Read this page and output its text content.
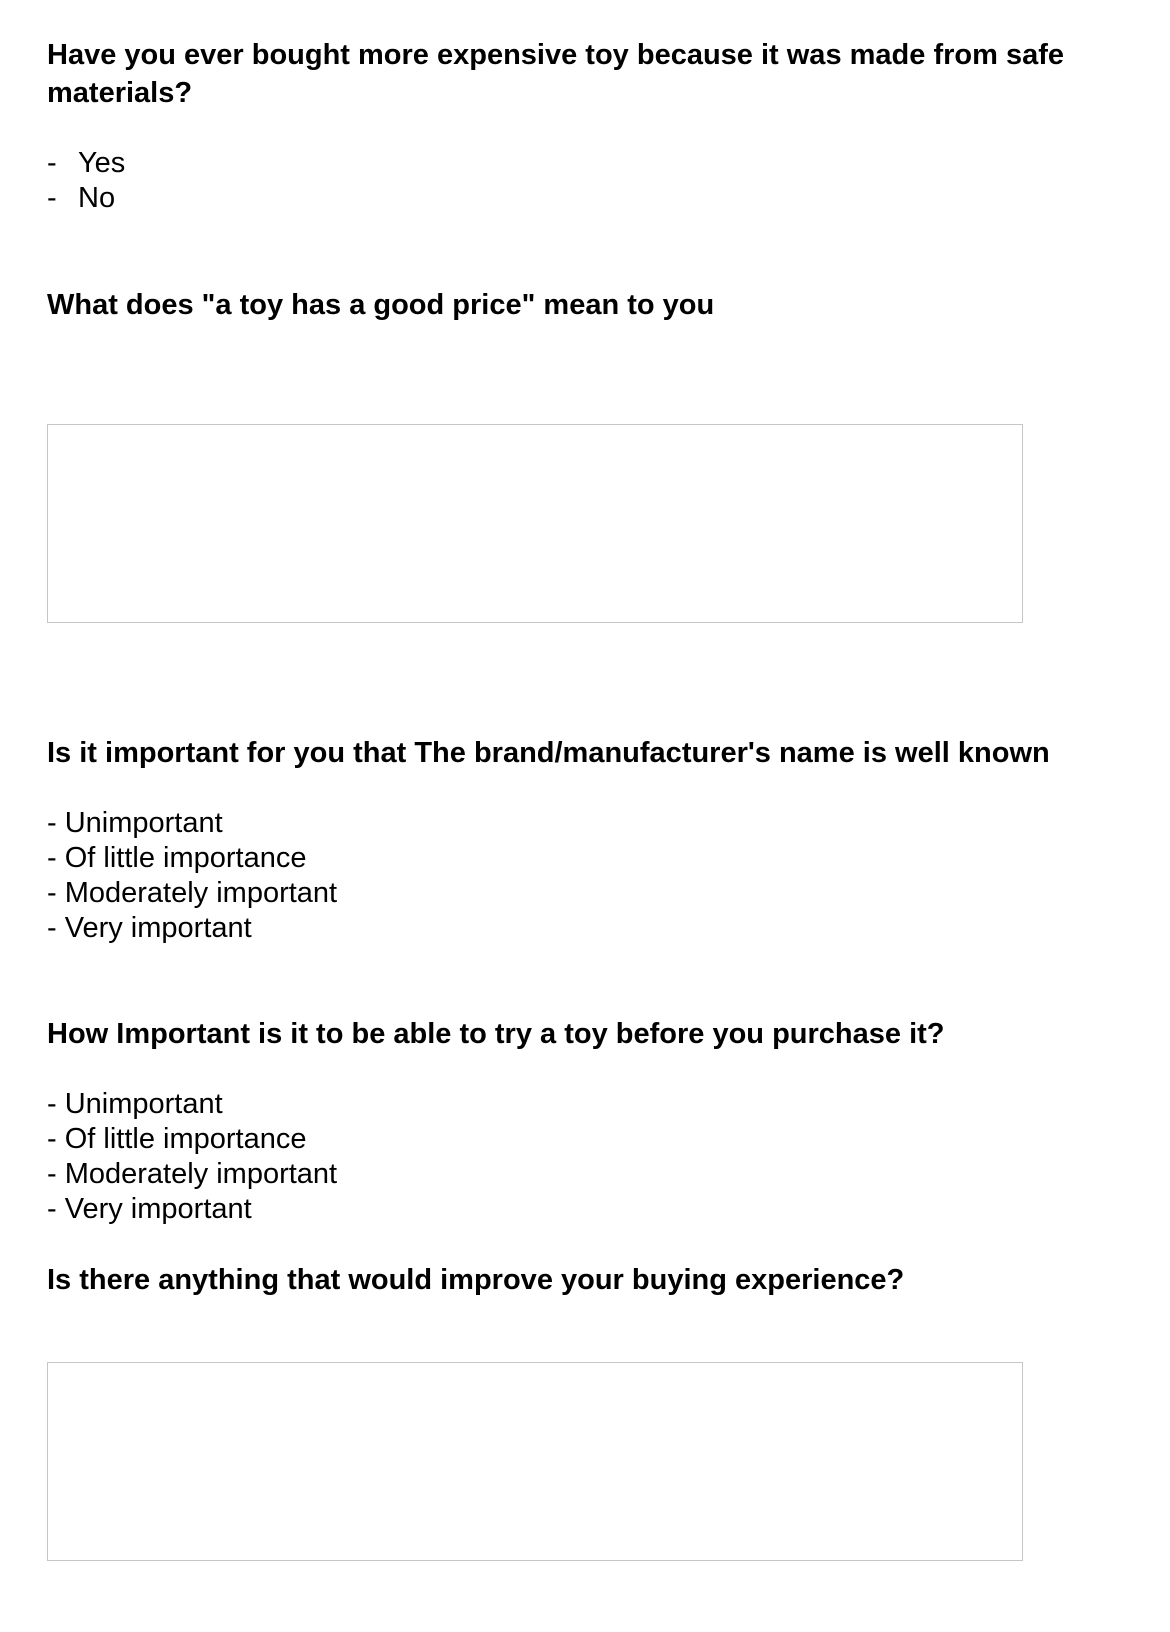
Have you ever bought more expensive toy because it was made from safe materials?

- Yes
- No

What does "a toy has a good price" mean to you

Is it important for you that The brand/manufacturer's name is well known

- Unimportant
- Of little importance
- Moderately important
- Very important

How Important is it to be able to try a toy before you purchase it?

- Unimportant
- Of little importance
- Moderately important
- Very important

Is there anything that would improve your buying experience?
